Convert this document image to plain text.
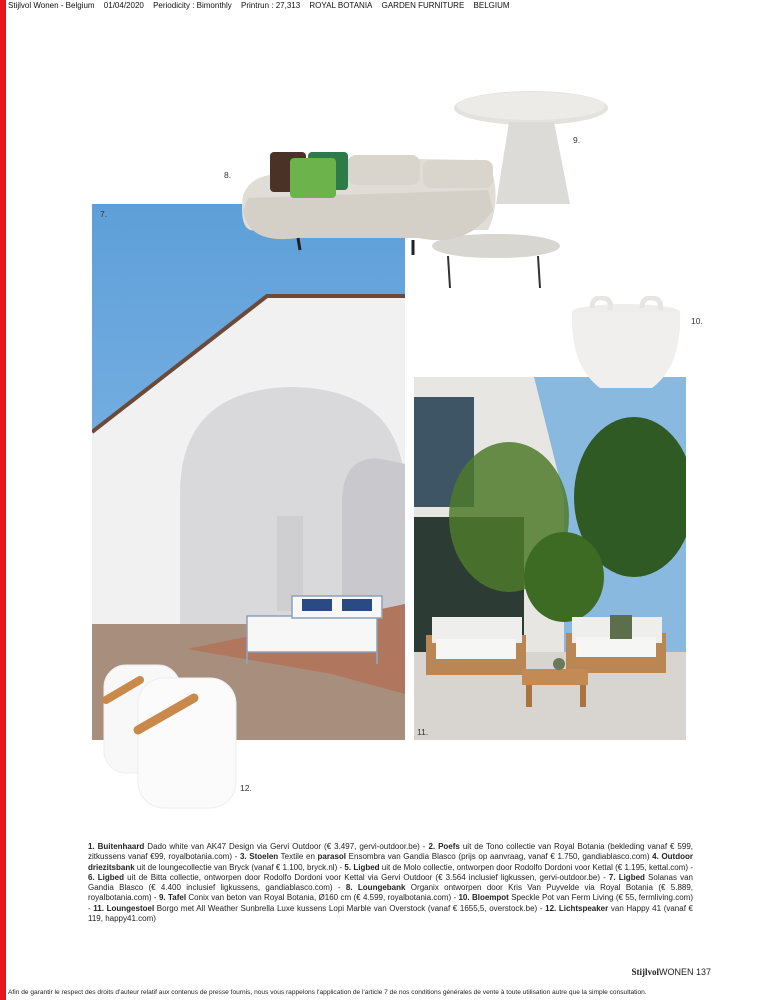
Stijlvol Wonen - Belgium 01/04/2020 Periodicity : Bimonthly Printrun : 27,313 ROYAL BOTANIA GARDEN FURNITURE BELGIUM
7.
8.
9.
10.
11.
12.
1. Buitenhaard Dado white van AK47 Design via Gervi Outdoor (€ 3.497, gervi-outdoor.be) - 2. Poefs uit de Tono collectie van Royal Botania (bekleding vanaf € 599, zitkussens vanaf €99, royalbotania.com) - 3. Stoelen Textile en parasol Ensombra van Gandia Blasco (prijs op aanvraag, vanaf € 1.750, gandiablasco.com) 4. Outdoor driezitsbank uit de loungecollectie van Bryck (vanaf € 1.100, bryck.nl) - 5. Ligbed uit de Molo collectie, ontworpen door Rodolfo Dordoni voor Kettal (€ 1.195, kettal.com) - 6. Ligbed uit de Bitta collectie, ontworpen door Rodolfo Dordoni voor Kettal via Gervi Outdoor (€ 3.564 inclusief ligkussen, gervi-outdoor.be) - 7. Ligbed Solanas van Gandia Blasco (€ 4.400 inclusief ligkussens, gandiablasco.com) - 8. Loungebank Organix ontworpen door Kris Van Puyvelde via Royal Botania (€ 5.889, royalbotania.com) - 9. Tafel Conix van beton van Royal Botania, Ø160 cm (€ 4.599, royalbotania.com) - 10. Bloempot Speckle Pot van Ferm Living (€ 55, fermliving.com) - 11. Loungestoel Borgo met All Weather Sunbrella Luxe kussens Lopi Marble van Overstock (vanaf € 1655,5, overstock.be) - 12. Lichtspeaker van Happy 41 (vanaf € 119, happy41.com)
StijlvolWONEN 137
Afin de garantir le respect des droits d'auteur relatif aux contenus de presse fournis, nous vous rappelons l'application de l'article 7 de nos conditions générales de vente à toute utilisation autre que la simple consultation.
